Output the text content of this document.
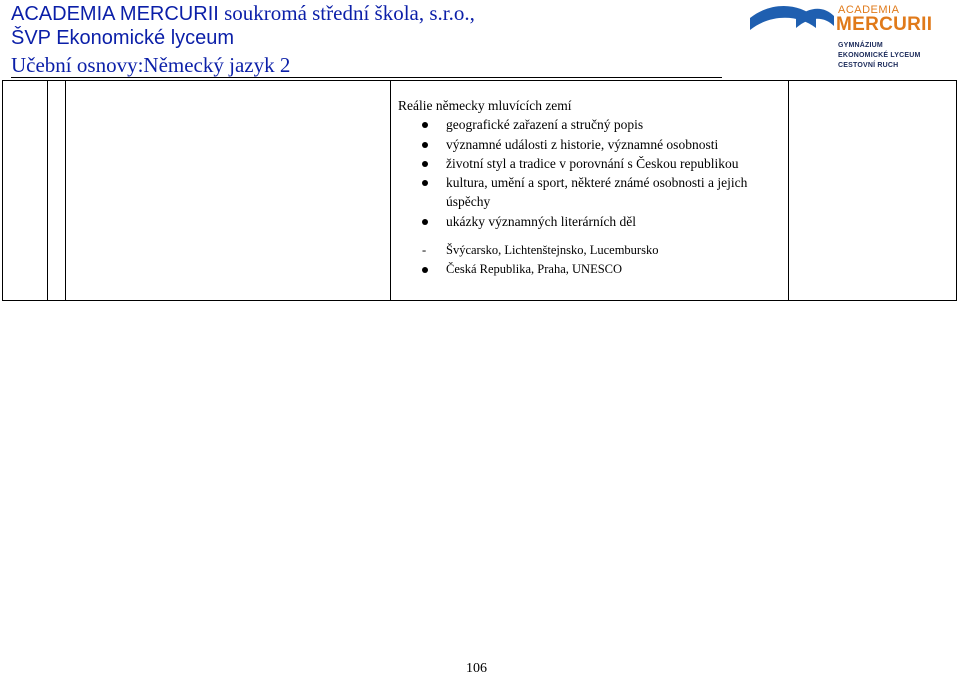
ACADEMIA MERCURII soukromá střední škola, s.r.o.,
ŠVP Ekonomické lyceum
Učební osnovy:Německý jazyk 2
ACADEMIA
MERCURII
GYMNÁZIUM
EKONOMICKÉ LYCEUM
CESTOVNÍ RUCH
Reálie německy mluvících zemí
geografické zařazení a stručný popis
významné události z historie, významné osobnosti
životní styl a tradice v porovnání s Českou republikou
kultura, umění a sport, některé známé osobnosti a jejich úspěchy
ukázky významných literárních děl
- Švýcarsko, Lichtenštejnsko, Lucembursko
Česká Republika, Praha, UNESCO
106
